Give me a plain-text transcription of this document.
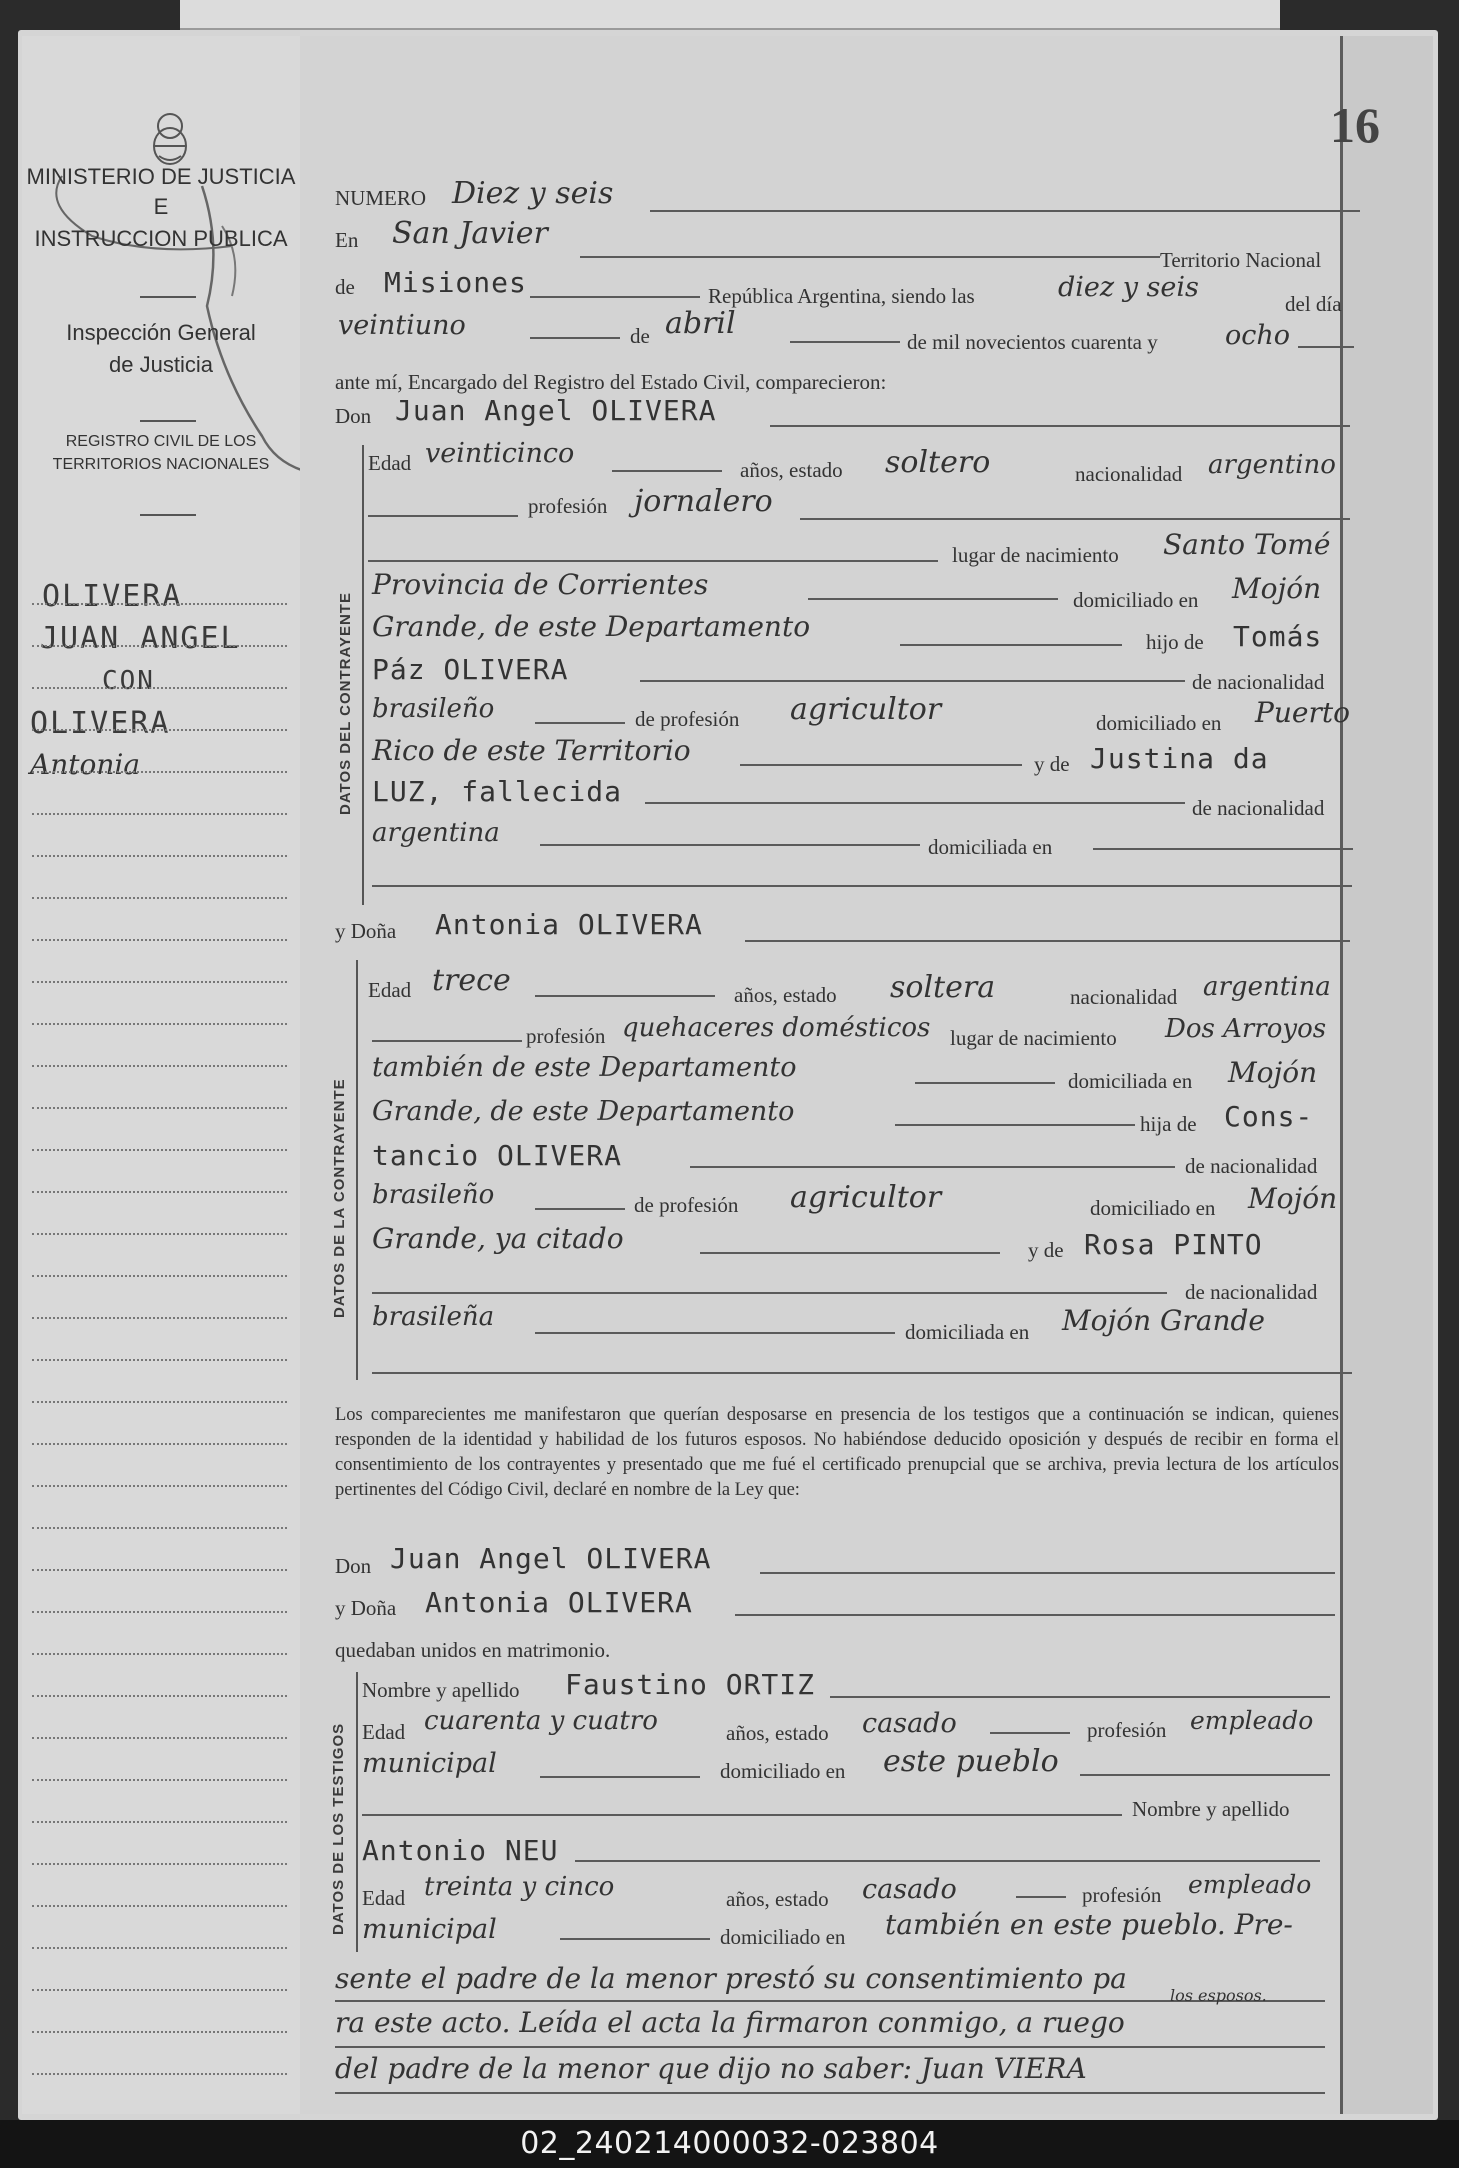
MINISTERIO DE JUSTICIA
E
INSTRUCCION PUBLICA
Inspección General
de Justicia
REGISTRO CIVIL DE LOS
TERRITORIOS NACIONALES
OLIVERA
JUAN ANGEL
CON
OLIVERA
Antonia
16
NUMERO Diez y seis
En San Javier
Territorio Nacional
de Misiones	República Argentina, siendo las	diez y seis
del día
veintiuno	de abril
de mil novecientos cuarenta y ocho
ante mí, Encargado del Registro del Estado Civil, comparecieron:
Don Juan Angel OLIVERA
DATOS DEL CONTRAYENTE
Edad veinticinco
años, estado soltero	nacionalidad argentino
profesión jornalero
lugar de nacimiento Santo Tomé
Provincia de Corrientes	domiciliado en Mojón
Grande, de este Departamento	hijo de Tomás
Páz OLIVERA	de nacionalidad
brasileño	de profesión agricultor	domiciliado en Puerto
Rico de este Territorio	y de Justina da
LUZ, fallecida	de nacionalidad
argentina	domiciliada en
y Doña Antonia OLIVERA
DATOS DE LA CONTRAYENTE
Edad trece	años, estado soltera	nacionalidad argentina
profesión quehaceres domésticos lugar de nacimiento Dos Arroyos
también de este Departamento	domiciliada en Mojón
Grande, de este Departamento	hija de Cons-
tancio OLIVERA	de nacionalidad
brasileño	de profesión agricultor	domiciliado en Mojón
Grande, ya citado	y de Rosa PINTO
de nacionalidad
brasileña	domiciliada en Mojón Grande
Los comparecientes me manifestaron que querían desposarse en presencia de los testigos que a continuación se indican, quienes responden de la identidad y habilidad de los futuros esposos. No habiéndose deducido oposición y después de recibir en forma el consentimiento de los contrayentes y presentado que me fué el certificado prenupcial que se archiva, previa lectura de los artículos pertinentes del Código Civil, declaré en nombre de la Ley que:
Don Juan Angel OLIVERA
y Doña Antonia OLIVERA
quedaban unidos en matrimonio.
DATOS DE LOS TESTIGOS
Nombre y apellido Faustino ORTIZ
Edad cuarenta y cuatro	años, estado casado	profesión empleado
municipal	domiciliado en este pueblo
Nombre y apellido
Antonio NEU
Edad treinta y cinco	años, estado casado	profesión empleado
municipal	domiciliado en también en este pueblo. Pre-
sente el padre de la menor prestó su consentimiento pa
los esposos.
ra este acto. Leída el acta la firmaron conmigo, a ruego
del padre de la menor que dijo no saber: Juan VIERA
02_240214000032-023804
